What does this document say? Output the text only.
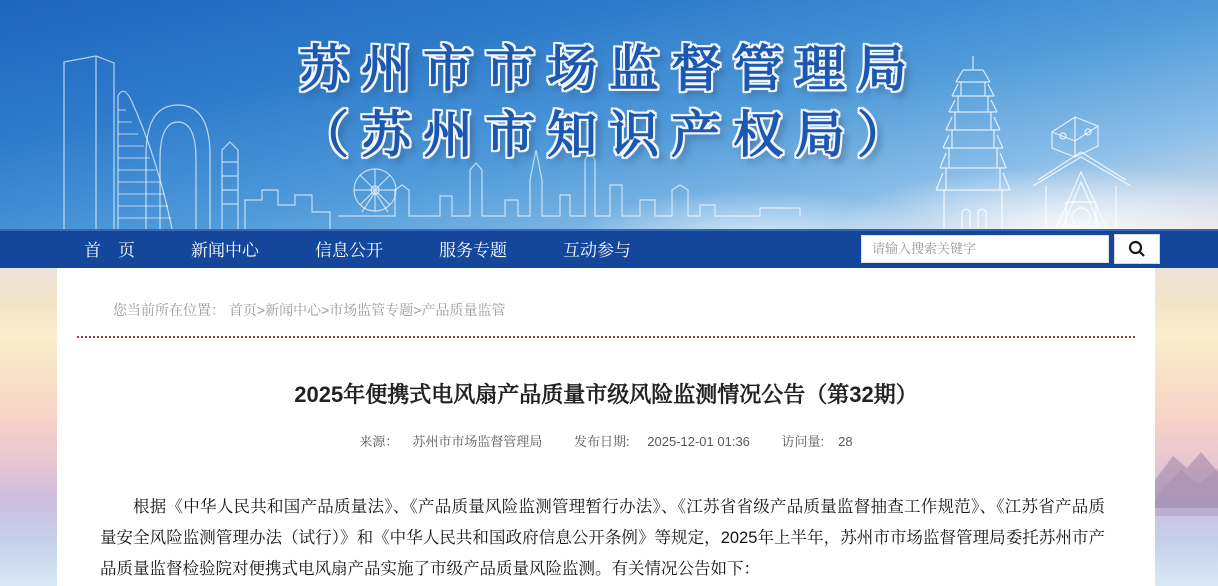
苏州市市场监督管理局
（苏州市知识产权局）
首　页	新闻中心	信息公开	服务专题	互动参与
请输入搜索关键字
您当前所在位置： 首页>新闻中心>市场监管专题>产品质量监管
2025年便携式电风扇产品质量市级风险监测情况公告（第32期）
来源： 苏州市市场监督管理局 发布日期: 2025-12-01 01:36 访问量: 28

根据《中华人民共和国产品质量法》、《产品质量风险监测管理暂行办法》、《江苏省省级产品质量监督抽查工作规范》、《江苏省产品质量安全风险监测管理办法（试行）》和《中华人民共和国政府信息公开条例》等规定，2025年上半年，苏州市市场监督管理局委托苏州市产品质量监督检验院对便携式电风扇产品实施了市级产品质量风险监测。有关情况公告如下：
